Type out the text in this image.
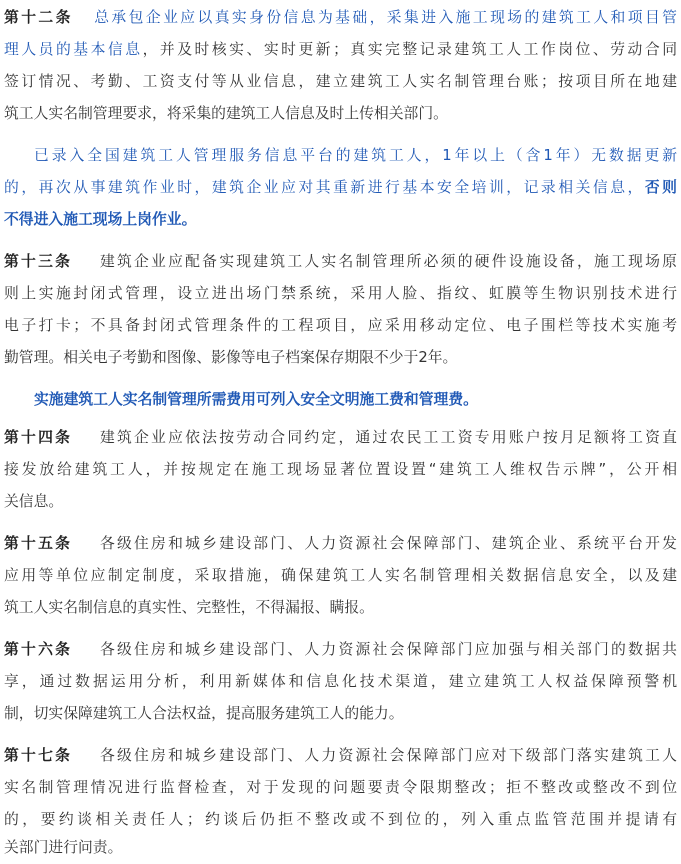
第十二条 总承包企业应以真实身份信息为基础，采集进入施工现场的建筑工人和项目管
理人员的基本信息，并及时核实、实时更新；真实完整记录建筑工人工作岗位、劳动合同
签订情况、考勤、工资支付等从业信息，建立建筑工人实名制管理台账；按项目所在地建
筑工人实名制管理要求，将采集的建筑工人信息及时上传相关部门。
已录入全国建筑工人管理服务信息平台的建筑工人，1年以上（含1年）无数据更新
的，再次从事建筑作业时，建筑企业应对其重新进行基本安全培训，记录相关信息，否则
不得进入施工现场上岗作业。
第十三条 建筑企业应配备实现建筑工人实名制管理所必须的硬件设施设备，施工现场原
则上实施封闭式管理，设立进出场门禁系统，采用人脸、指纹、虹膜等生物识别技术进行
电子打卡；不具备封闭式管理条件的工程项目，应采用移动定位、电子围栏等技术实施考
勤管理。相关电子考勤和图像、影像等电子档案保存期限不少于2年。
实施建筑工人实名制管理所需费用可列入安全文明施工费和管理费。
第十四条 建筑企业应依法按劳动合同约定，通过农民工工资专用账户按月足额将工资直
接发放给建筑工人，并按规定在施工现场显著位置设置“建筑工人维权告示牌”，公开相
关信息。
第十五条 各级住房和城乡建设部门、人力资源社会保障部门、建筑企业、系统平台开发
应用等单位应制定制度，采取措施，确保建筑工人实名制管理相关数据信息安全，以及建
筑工人实名制信息的真实性、完整性，不得漏报、瞒报。
第十六条 各级住房和城乡建设部门、人力资源社会保障部门应加强与相关部门的数据共
享，通过数据运用分析，利用新媒体和信息化技术渠道，建立建筑工人权益保障预警机
制，切实保障建筑工人合法权益，提高服务建筑工人的能力。
第十七条 各级住房和城乡建设部门、人力资源社会保障部门应对下级部门落实建筑工人
实名制管理情况进行监督检查，对于发现的问题要责令限期整改；拒不整改或整改不到位
的，要约谈相关责任人；约谈后仍拒不整改或不到位的，列入重点监管范围并提请有
关部门进行问责。
